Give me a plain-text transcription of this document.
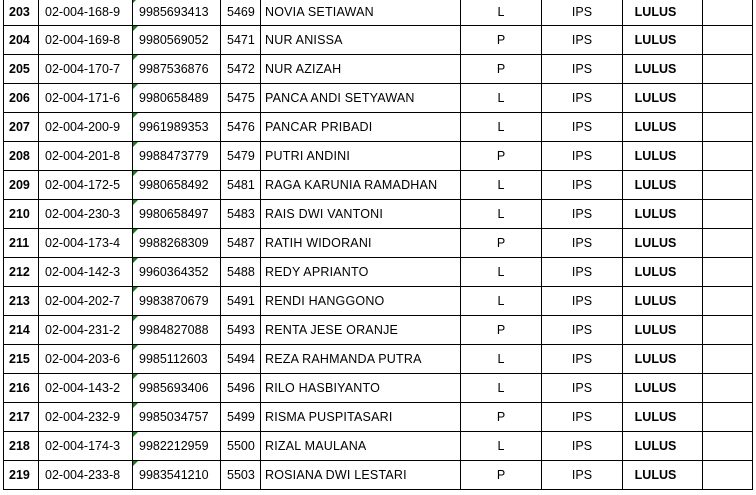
203 02-004-168-9 9985693413 5469 NOVIA SETIAWAN	L	IPS	LULUS
204 02-004-169-8 9980569052 5471 NUR ANISSA	P	IPS	LULUS
205 02-004-170-7 9987536876 5472 NUR AZIZAH	P	IPS	LULUS
206 02-004-171-6 9980658489 5475 PANCA ANDI SETYAWAN	L	IPS	LULUS
207 02-004-200-9 9961989353 5476 PANCAR PRIBADI	L	IPS	LULUS
208 02-004-201-8 9988473779 5479 PUTRI ANDINI	P	IPS	LULUS
209 02-004-172-5 9980658492 5481 RAGA KARUNIA RAMADHAN	L	IPS	LULUS
210 02-004-230-3 9980658497 5483 RAIS DWI VANTONI	L	IPS	LULUS
211 02-004-173-4 9988268309 5487 RATIH WIDORANI	P	IPS	LULUS
212 02-004-142-3 9960364352 5488 REDY APRIANTO	L	IPS	LULUS
213 02-004-202-7 9983870679 5491 RENDI HANGGONO	L	IPS	LULUS
214 02-004-231-2 9984827088 5493 RENTA JESE ORANJE	P	IPS	LULUS
215 02-004-203-6 9985112603 5494 REZA RAHMANDA PUTRA	L	IPS	LULUS
216 02-004-143-2 9985693406 5496 RILO HASBIYANTO	L	IPS	LULUS
217 02-004-232-9 9985034757 5499 RISMA PUSPITASARI	P	IPS	LULUS
218 02-004-174-3 9982212959 5500 RIZAL MAULANA	L	IPS	LULUS
219 02-004-233-8 9983541210 5503 ROSIANA DWI LESTARI	P	IPS	LULUS
